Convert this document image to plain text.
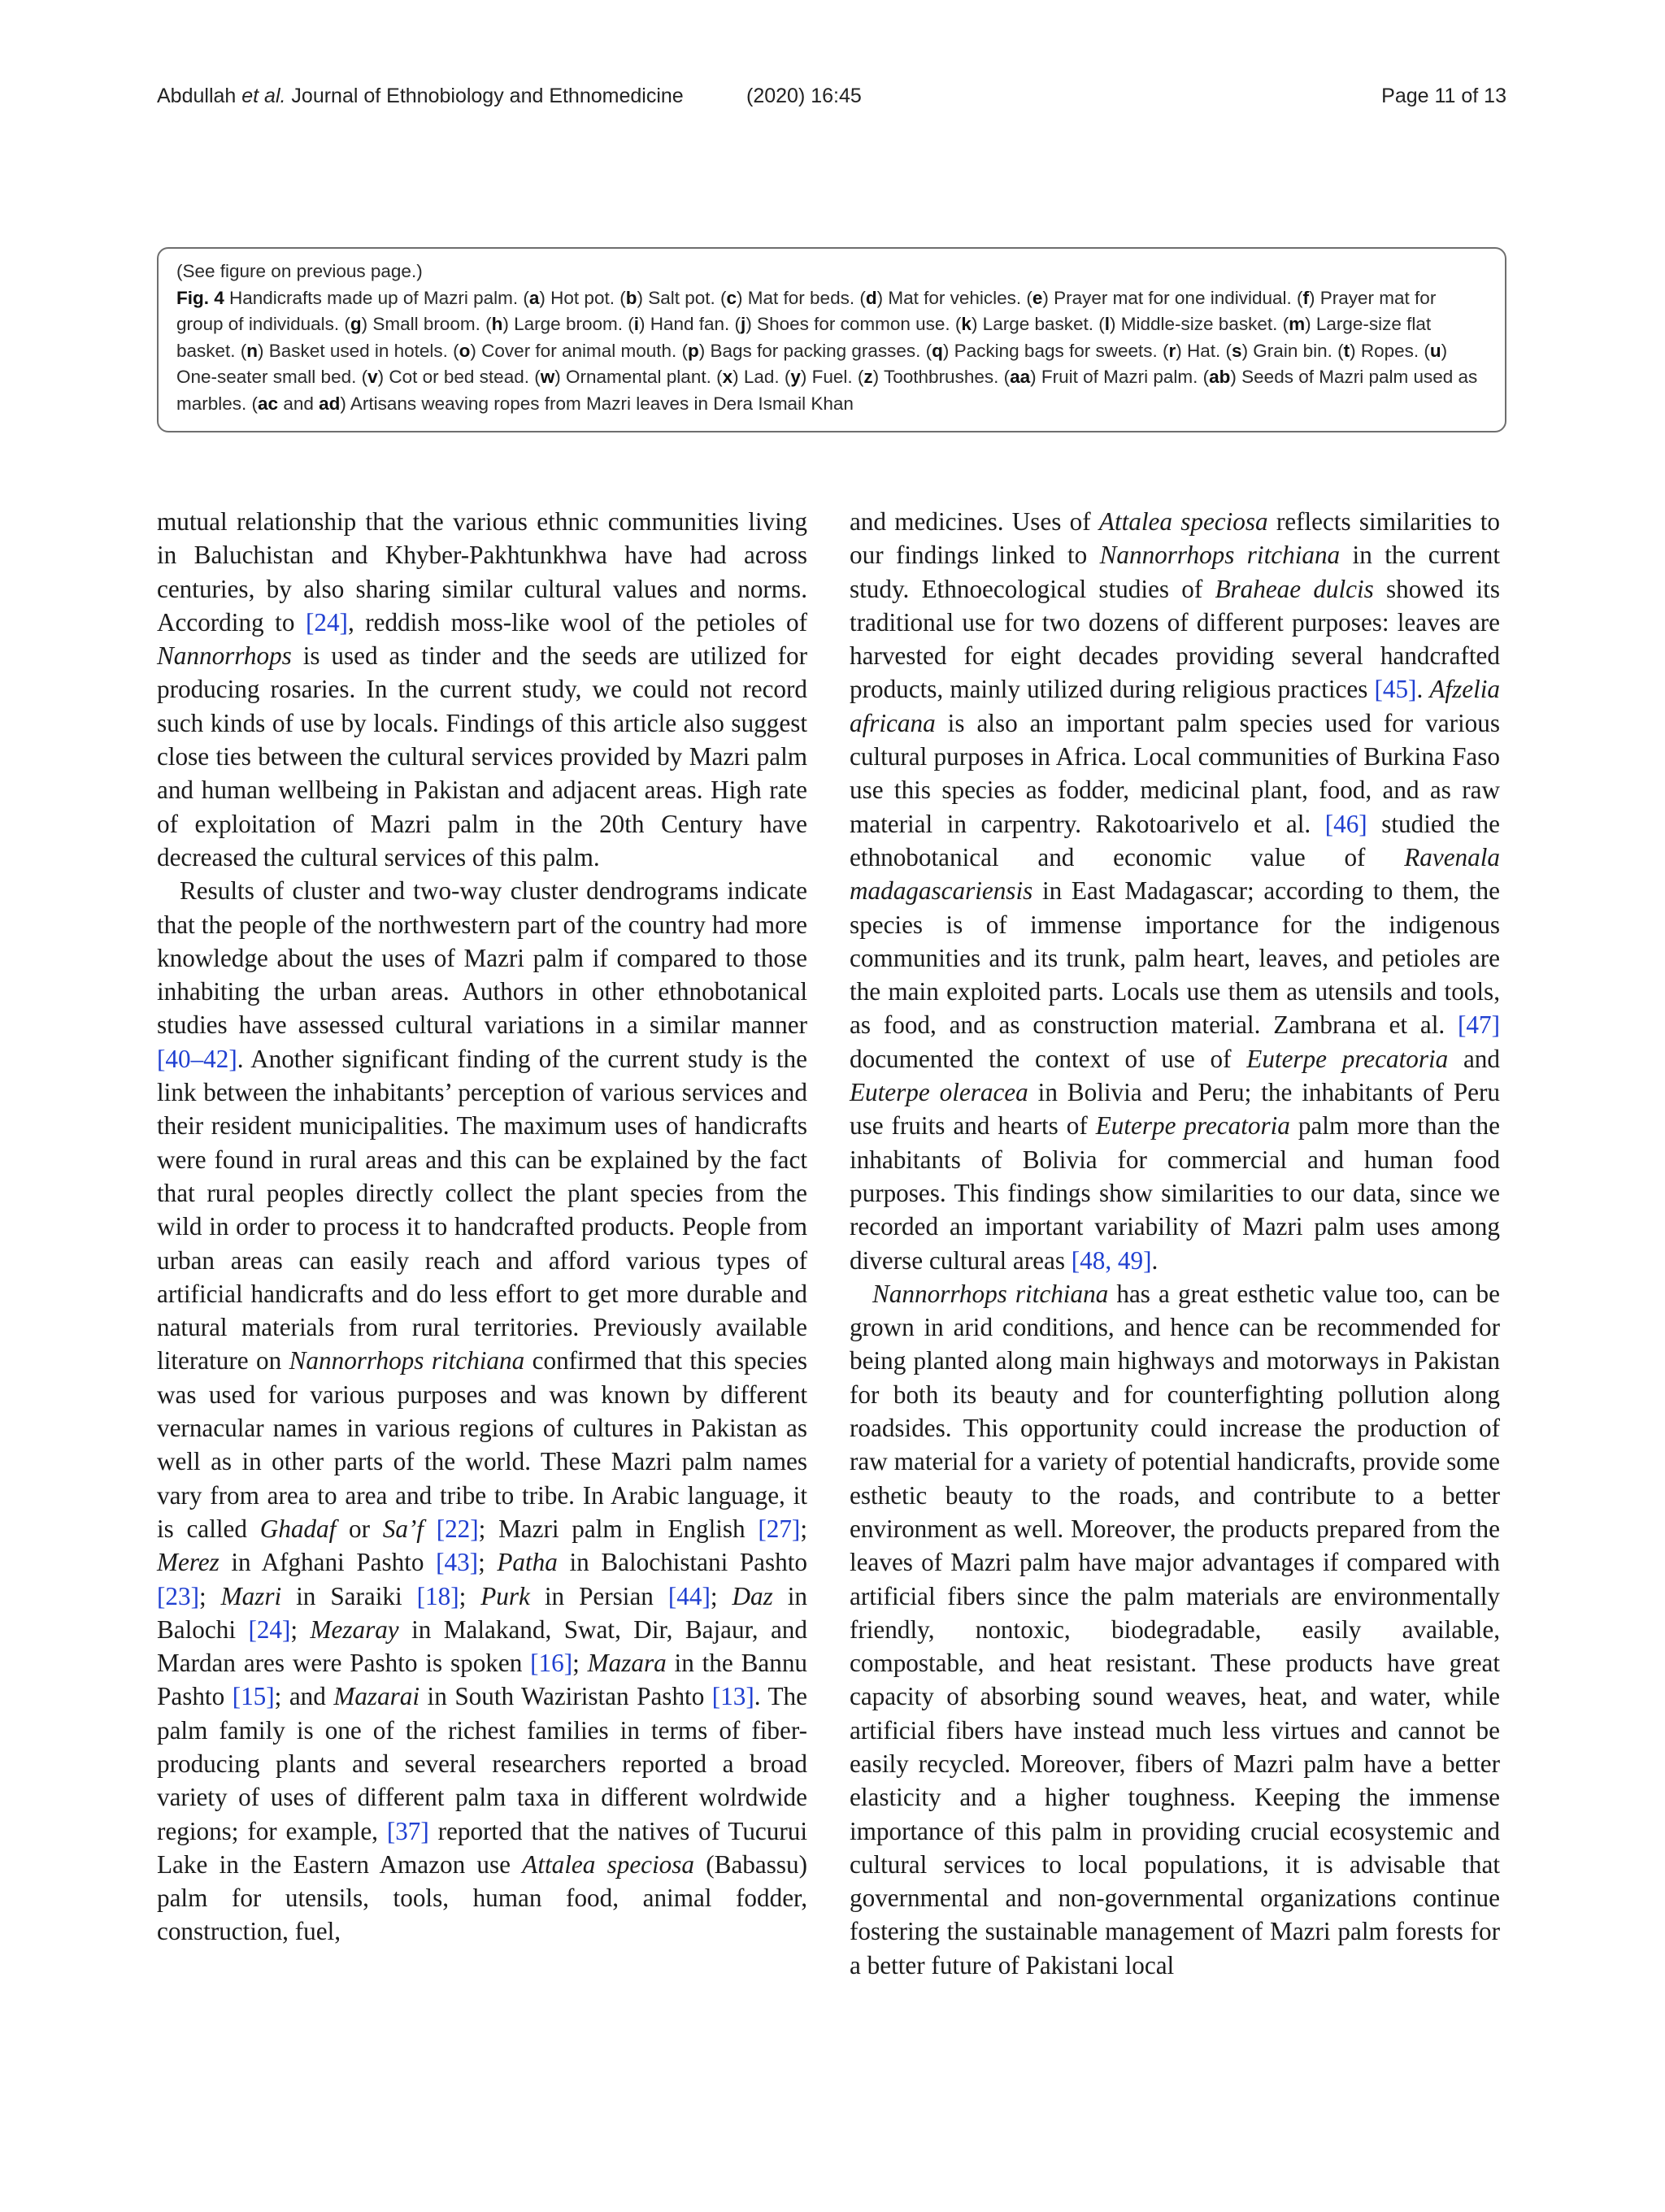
Abdullah et al. Journal of Ethnobiology and Ethnomedicine	(2020) 16:45	Page 11 of 13

(See figure on previous page.)

Fig. 4 Handicrafts made up of Mazri palm. (a) Hot pot. (b) Salt pot. (c) Mat for beds. (d) Mat for vehicles. (e) Prayer mat for one individual. (f) Prayer mat for group of individuals. (g) Small broom. (h) Large broom. (i) Hand fan. (j) Shoes for common use. (k) Large basket. (l) Middle-size basket. (m) Large-size flat basket. (n) Basket used in hotels. (o) Cover for animal mouth. (p) Bags for packing grasses. (q) Packing bags for sweets. (r) Hat. (s) Grain bin. (t) Ropes. (u) One-seater small bed. (v) Cot or bed stead. (w) Ornamental plant. (x) Lad. (y) Fuel. (z) Toothbrushes. (aa) Fruit of Mazri palm. (ab) Seeds of Mazri palm used as marbles. (ac and ad) Artisans weaving ropes from Mazri leaves in Dera Ismail Khan

mutual relationship that the various ethnic communities living in Baluchistan and Khyber-Pakhtunkhwa have had across centuries, by also sharing similar cultural values and norms. According to [24], reddish moss-like wool of the petioles of Nannorrhops is used as tinder and the seeds are utilized for producing rosaries. In the current study, we could not record such kinds of use by locals. Findings of this article also suggest close ties between the cultural services provided by Mazri palm and human wellbeing in Pakistan and adjacent areas. High rate of exploitation of Mazri palm in the 20th Century have decreased the cultural services of this palm.

Results of cluster and two-way cluster dendrograms indicate that the people of the northwestern part of the country had more knowledge about the uses of Mazri palm if compared to those inhabiting the urban areas. Authors in other ethnobotanical studies have assessed cultural variations in a similar manner [40–42]. Another significant finding of the current study is the link between the inhabitants’ perception of various services and their resident municipalities. The maximum uses of handicrafts were found in rural areas and this can be explained by the fact that rural peoples directly collect the plant species from the wild in order to process it to handcrafted products. People from urban areas can easily reach and afford various types of artificial handicrafts and do less effort to get more durable and natural materials from rural territories. Previously available literature on Nannorrhops ritchiana confirmed that this species was used for various purposes and was known by different vernacular names in various regions of cultures in Pakistan as well as in other parts of the world. These Mazri palm names vary from area to area and tribe to tribe. In Arabic language, it is called Ghadaf or Sa’f [22]; Mazri palm in English [27]; Merez in Afghani Pashto [43]; Patha in Balochistani Pashto [23]; Mazri in Saraiki [18]; Purk in Persian [44]; Daz in Balochi [24]; Mezaray in Malakand, Swat, Dir, Bajaur, and Mardan ares were Pashto is spoken [16]; Mazara in the Bannu Pashto [15]; and Mazarai in South Waziristan Pashto [13]. The palm family is one of the richest families in terms of fiber-producing plants and several researchers reported a broad variety of uses of different palm taxa in different wolrdwide regions; for example, [37] reported that the natives of Tucurui Lake in the Eastern Amazon use Attalea speciosa (Babassu) palm for utensils, tools, human food, animal fodder, construction, fuel,

and medicines. Uses of Attalea speciosa reflects similarities to our findings linked to Nannorrhops ritchiana in the current study. Ethnoecological studies of Braheae dulcis showed its traditional use for two dozens of different purposes: leaves are harvested for eight decades providing several handcrafted products, mainly utilized during religious practices [45]. Afzelia africana is also an important palm species used for various cultural purposes in Africa. Local communities of Burkina Faso use this species as fodder, medicinal plant, food, and as raw material in carpentry. Rakotoarivelo et al. [46] studied the ethnobotanical and economic value of Ravenala madagascariensis in East Madagascar; according to them, the species is of immense importance for the indigenous communities and its trunk, palm heart, leaves, and petioles are the main exploited parts. Locals use them as utensils and tools, as food, and as construction material. Zambrana et al. [47] documented the context of use of Euterpe precatoria and Euterpe oleracea in Bolivia and Peru; the inhabitants of Peru use fruits and hearts of Euterpe precatoria palm more than the inhabitants of Bolivia for commercial and human food purposes. This findings show similarities to our data, since we recorded an important variability of Mazri palm uses among diverse cultural areas [48, 49].

Nannorrhops ritchiana has a great esthetic value too, can be grown in arid conditions, and hence can be recommended for being planted along main highways and motorways in Pakistan for both its beauty and for counterfighting pollution along roadsides. This opportunity could increase the production of raw material for a variety of potential handicrafts, provide some esthetic beauty to the roads, and contribute to a better environment as well. Moreover, the products prepared from the leaves of Mazri palm have major advantages if compared with artificial fibers since the palm materials are environmentally friendly, nontoxic, biodegradable, easily available, compostable, and heat resistant. These products have great capacity of absorbing sound weaves, heat, and water, while artificial fibers have instead much less virtues and cannot be easily recycled. Moreover, fibers of Mazri palm have a better elasticity and a higher toughness. Keeping the immense importance of this palm in providing crucial ecosystemic and cultural services to local populations, it is advisable that governmental and non-governmental organizations continue fostering the sustainable management of Mazri palm forests for a better future of Pakistani local
